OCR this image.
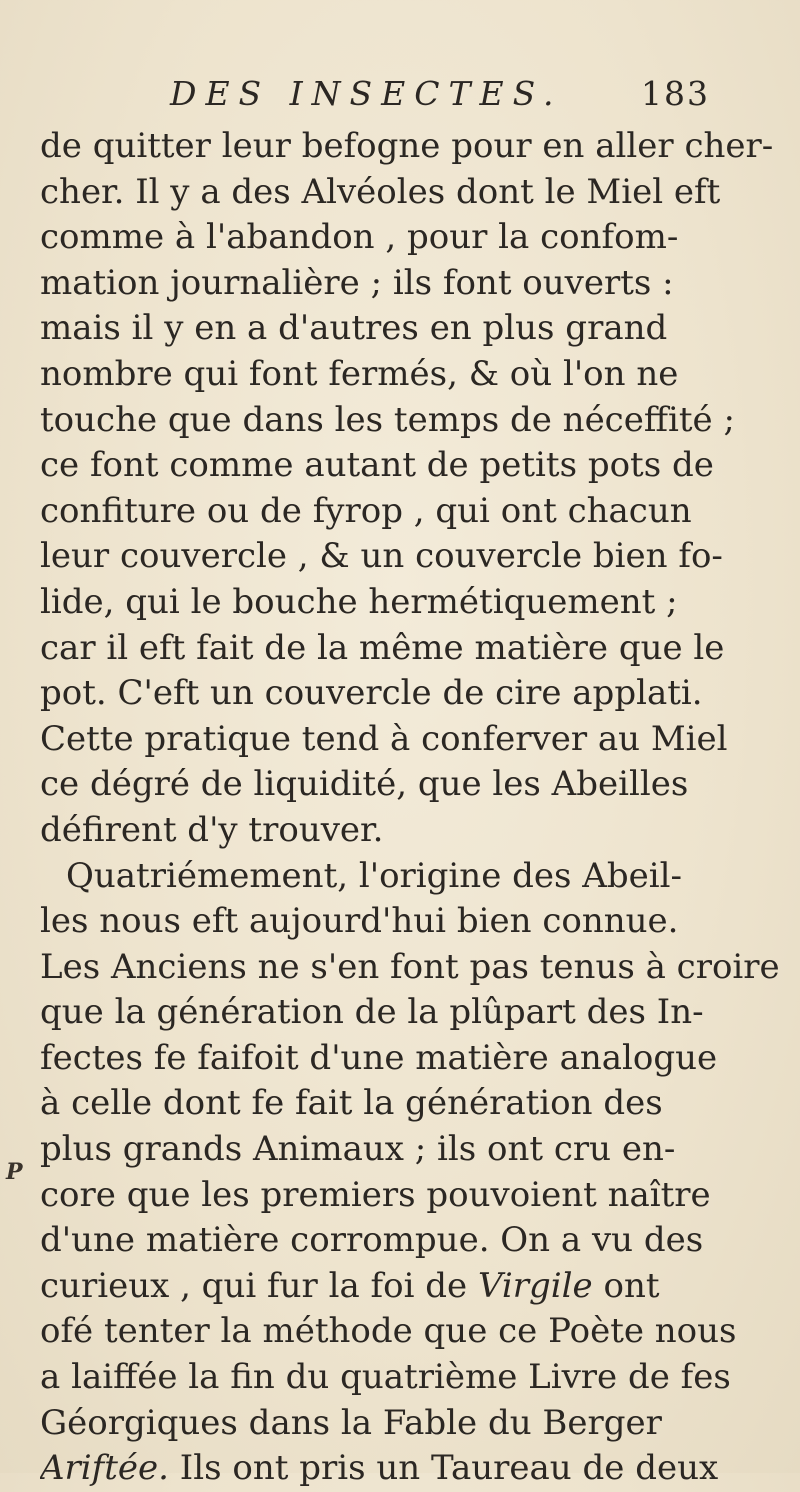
DES INSECTES. 183
P
de quitter leur befogne pour en aller cher-
cher. Il y a des Alvéoles dont le Miel eft
comme à l'abandon , pour la confom-
mation journalière ; ils font ouverts :
mais il y en a d'autres en plus grand
nombre qui font fermés, & où l'on ne
touche que dans les temps de néceffité ;
ce font comme autant de petits pots de
confiture ou de fyrop , qui ont chacun
leur couvercle , & un couvercle bien fo-
lide, qui le bouche hermétiquement ;
car il eft fait de la même matière que le
pot. C'eft un couvercle de cire applati.
Cette pratique tend à conferver au Miel
ce dégré de liquidité, que les Abeilles
défirent d'y trouver.
Quatriémement, l'origine des Abeil-
les nous eft aujourd'hui bien connue.
Les Anciens ne s'en font pas tenus à croire
que la génération de la plûpart des In-
fectes fe faifoit d'une matière analogue
à celle dont fe fait la génération des
plus grands Animaux ; ils ont cru en-
core que les premiers pouvoient naître
d'une matière corrompue. On a vu des
curieux , qui fur la foi de Virgile ont
ofé tenter la méthode que ce Poète nous
a laiffée la fin du quatrième Livre de fes
Géorgiques dans la Fable du Berger
Ariftée. Ils ont pris un Taureau de deux
